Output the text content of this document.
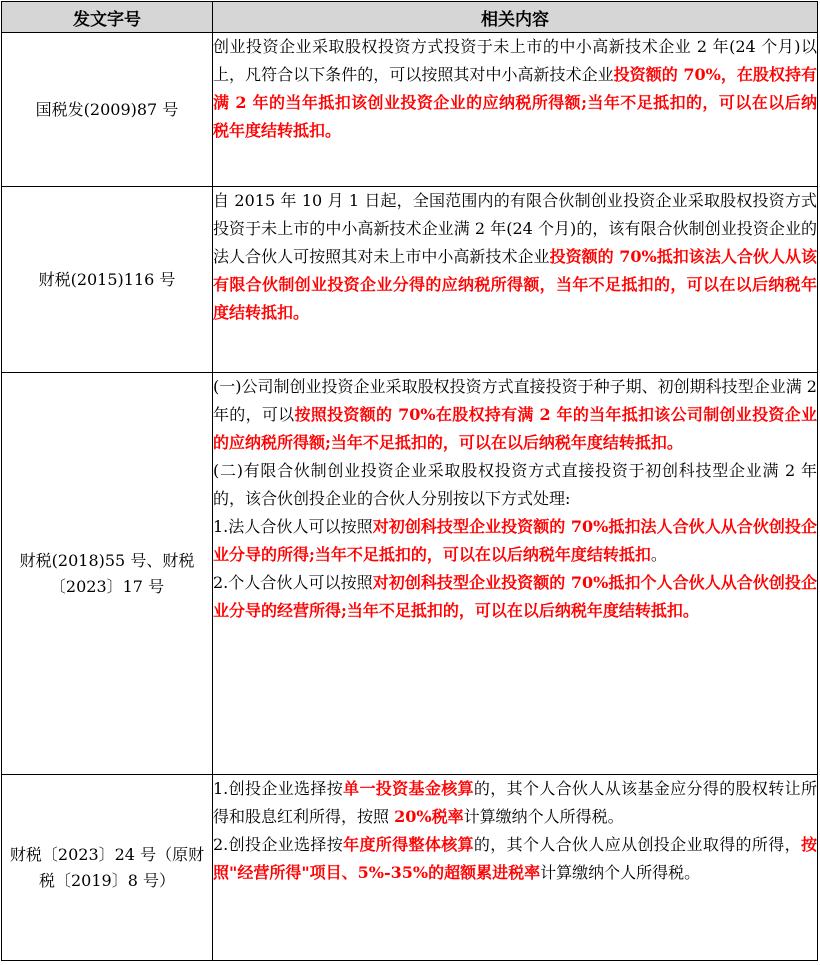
发文字号	相关内容
国税发(2009)87 号	创业投资企业采取股权投资方式投资于未上市的中小高新技术企业 2 年(24 个月)以上，凡符合以下条件的，可以按照其对中小高新技术企业投资额的 70%，在股权持有满 2 年的当年抵扣该创业投资企业的应纳税所得额;当年不足抵扣的，可以在以后纳税年度结转抵扣。

财税(2015)116 号	自 2015 年 10 月 1 日起，全国范围内的有限合伙制创业投资企业采取股权投资方式投资于未上市的中小高新技术企业满 2 年(24 个月)的，该有限合伙制创业投资企业的法人合伙人可按照其对未上市中小高新技术企业投资额的 70%抵扣该法人合伙人从该有限合伙制创业投资企业分得的应纳税所得额，当年不足抵扣的，可以在以后纳税年度结转抵扣。

财税(2018)55 号、财税〔2023〕17 号	(一)公司制创业投资企业采取股权投资方式直接投资于种子期、初创期科技型企业满 2 年的，可以按照投资额的 70%在股权持有满 2 年的当年抵扣该公司制创业投资企业的应纳税所得额;当年不足抵扣的，可以在以后纳税年度结转抵扣。

(二)有限合伙制创业投资企业采取股权投资方式直接投资于初创科技型企业满 2 年的，该合伙创投企业的合伙人分别按以下方式处理:

1.法人合伙人可以按照对初创科技型企业投资额的 70%抵扣法人合伙人从合伙创投企业分导的所得;当年不足抵扣的，可以在以后纳税年度结转抵扣。

2.个人合伙人可以按照对初创科技型企业投资额的 70%抵扣个人合伙人从合伙创投企业分导的经营所得;当年不足抵扣的，可以在以后纳税年度结转抵扣。

财税〔2023〕24 号（原财税〔2019〕8 号）	1.创投企业选择按单一投资基金核算的，其个人合伙人从该基金应分得的股权转让所得和股息红利所得，按照 20%税率计算缴纳个人所得税。

2.创投企业选择按年度所得整体核算的，其个人合伙人应从创投企业取得的所得，按照"经营所得"项目、5%-35%的超额累进税率计算缴纳个人所得税。
